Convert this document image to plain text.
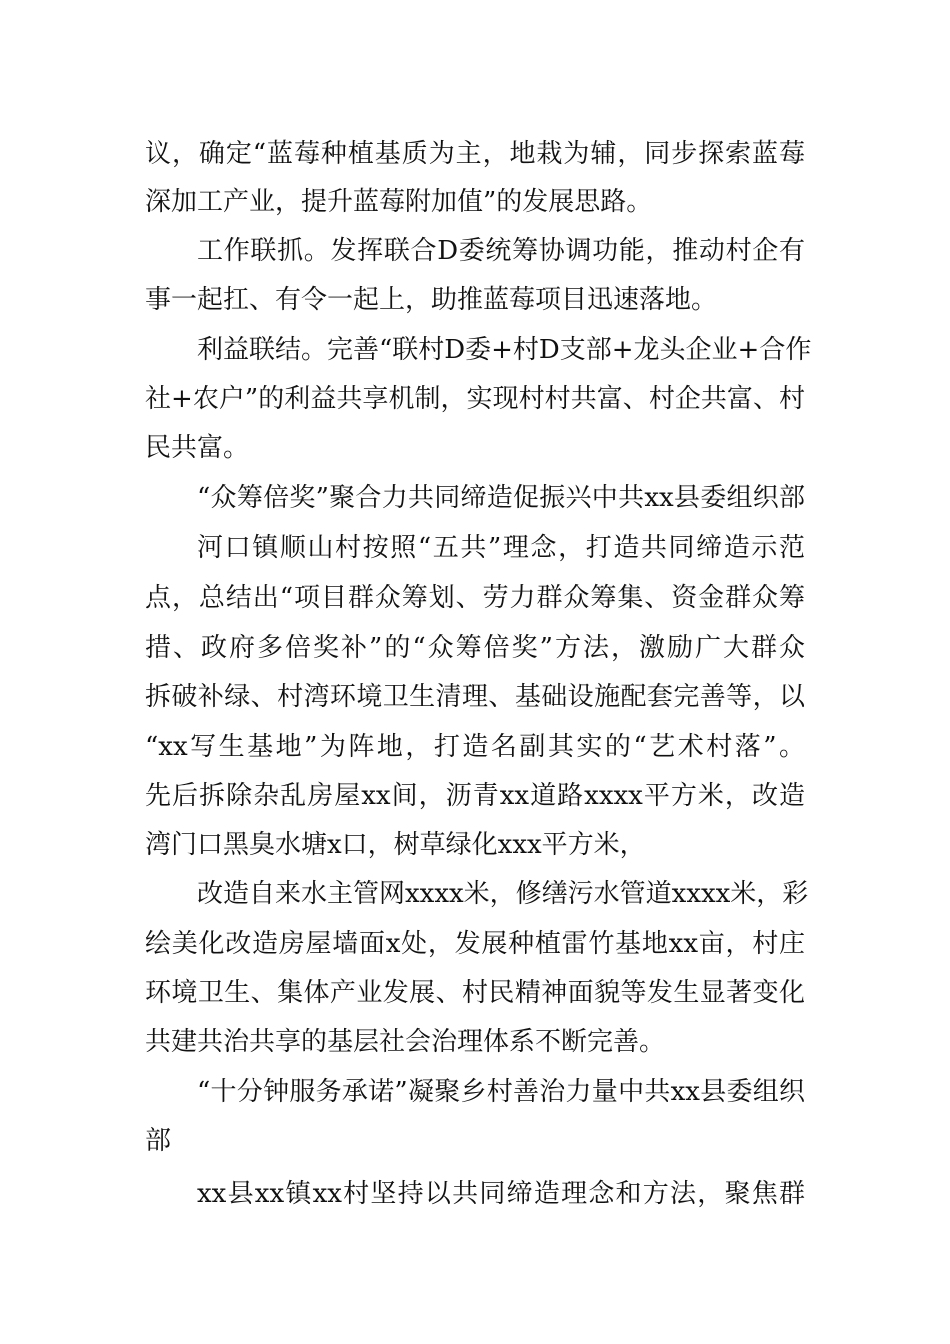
议，确定“蓝莓种植基质为主，地栽为辅，同步探索蓝莓
深加工产业，提升蓝莓附加值”的发展思路。
工作联抓。发挥联合D委统筹协调功能，推动村企有
事一起扛、有令一起上，助推蓝莓项目迅速落地。
利益联结。完善“联村D委+村D支部+龙头企业+合作
社+农户”的利益共享机制，实现村村共富、村企共富、村
民共富。
“众筹倍奖”聚合力共同缔造促振兴中共xx县委组织部
河口镇顺山村按照“五共”理念，打造共同缔造示范
点，总结出“项目群众筹划、劳力群众筹集、资金群众筹
措、政府多倍奖补”的“众筹倍奖”方法，激励广大群众
拆破补绿、村湾环境卫生清理、基础设施配套完善等，以
“xx写生基地”为阵地，打造名副其实的“艺术村落”。
先后拆除杂乱房屋xx间，沥青xx道路xxxx平方米，改造
湾门口黑臭水塘x口，树草绿化xxx平方米，
改造自来水主管网xxxx米，修缮污水管道xxxx米，彩
绘美化改造房屋墙面x处，发展种植雷竹基地xx亩，村庄
环境卫生、集体产业发展、村民精神面貌等发生显著变化
共建共治共享的基层社会治理体系不断完善。
“十分钟服务承诺”凝聚乡村善治力量中共xx县委组织
部
xx县xx镇xx村坚持以共同缔造理念和方法，聚焦群
